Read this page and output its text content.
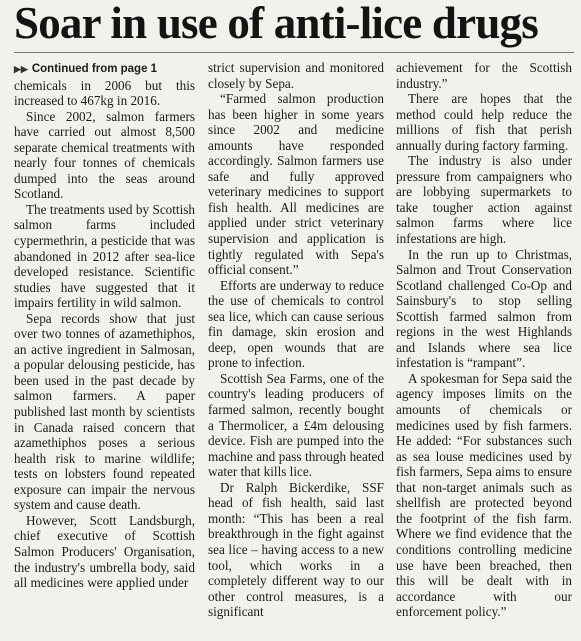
Soar in use of anti-lice drugs
▶▶ Continued from page 1

chemicals in 2006 but this increased to 467kg in 2016.

Since 2002, salmon farmers have carried out almost 8,500 separate chemical treatments with nearly four tonnes of chemicals dumped into the seas around Scotland.

The treatments used by Scottish salmon farms included cypermethrin, a pesticide that was abandoned in 2012 after sea-lice developed resistance. Scientific studies have suggested that it impairs fertility in wild salmon.

Sepa records show that just over two tonnes of azamethiphos, an active ingredient in Salmosan, a popular delousing pesticide, has been used in the past decade by salmon farmers. A paper published last month by scientists in Canada raised concern that azamethiphos poses a serious health risk to marine wildlife; tests on lobsters found repeated exposure can impair the nervous system and cause death.

However, Scott Landsburgh, chief executive of Scottish Salmon Producers' Organisation, the industry's umbrella body, said all medicines were applied under

strict supervision and monitored closely by Sepa.

“Farmed salmon production has been higher in some years since 2002 and medicine amounts have responded accordingly. Salmon farmers use safe and fully approved veterinary medicines to support fish health. All medicines are applied under strict veterinary supervision and application is tightly regulated with Sepa's official consent.”

Efforts are underway to reduce the use of chemicals to control sea lice, which can cause serious fin damage, skin erosion and deep, open wounds that are prone to infection.

Scottish Sea Farms, one of the country's leading producers of farmed salmon, recently bought a Thermolicer, a £4m delousing device. Fish are pumped into the machine and pass through heated water that kills lice.

Dr Ralph Bickerdike, SSF head of fish health, said last month: “This has been a real breakthrough in the fight against sea lice – having access to a new tool, which works in a completely different way to our other control measures, is a significant

achievement for the Scottish industry.”

There are hopes that the method could help reduce the millions of fish that perish annually during factory farming.

The industry is also under pressure from campaigners who are lobbying supermarkets to take tougher action against salmon farms where lice infestations are high.

In the run up to Christmas, Salmon and Trout Conservation Scotland challenged Co-Op and Sainsbury's to stop selling Scottish farmed salmon from regions in the west Highlands and Islands where sea lice infestation is “rampant”.

A spokesman for Sepa said the agency imposes limits on the amounts of chemicals or medicines used by fish farmers. He added: “For substances such as sea louse medicines used by fish farmers, Sepa aims to ensure that non-target animals such as shellfish are protected beyond the footprint of the fish farm. Where we find evidence that the conditions controlling medicine use have been breached, then this will be dealt with in accordance with our enforcement policy.”
